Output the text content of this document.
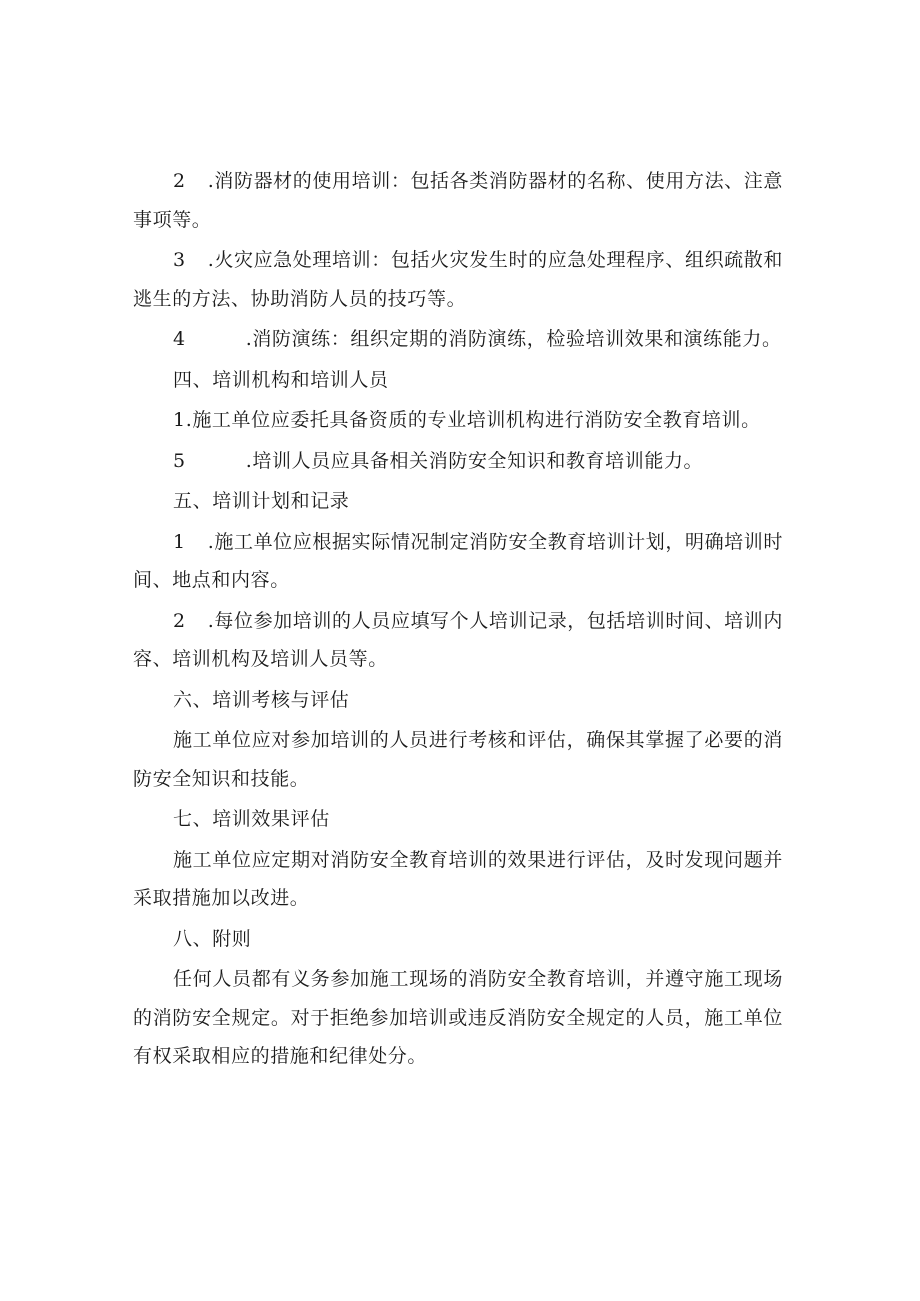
2 .消防器材的使用培训：包括各类消防器材的名称、使用方法、注意事项等。

3 .火灾应急处理培训：包括火灾发生时的应急处理程序、组织疏散和逃生的方法、协助消防人员的技巧等。

4	.消防演练：组织定期的消防演练，检验培训效果和演练能力。

四、培训机构和培训人员

1.施工单位应委托具备资质的专业培训机构进行消防安全教育培训。

5	.培训人员应具备相关消防安全知识和教育培训能力。

五、培训计划和记录

1 .施工单位应根据实际情况制定消防安全教育培训计划，明确培训时间、地点和内容。

2 .每位参加培训的人员应填写个人培训记录，包括培训时间、培训内容、培训机构及培训人员等。

六、培训考核与评估

施工单位应对参加培训的人员进行考核和评估，确保其掌握了必要的消防安全知识和技能。

七、培训效果评估

施工单位应定期对消防安全教育培训的效果进行评估，及时发现问题并采取措施加以改进。

八、附则

任何人员都有义务参加施工现场的消防安全教育培训，并遵守施工现场的消防安全规定。对于拒绝参加培训或违反消防安全规定的人员，施工单位有权采取相应的措施和纪律处分。
